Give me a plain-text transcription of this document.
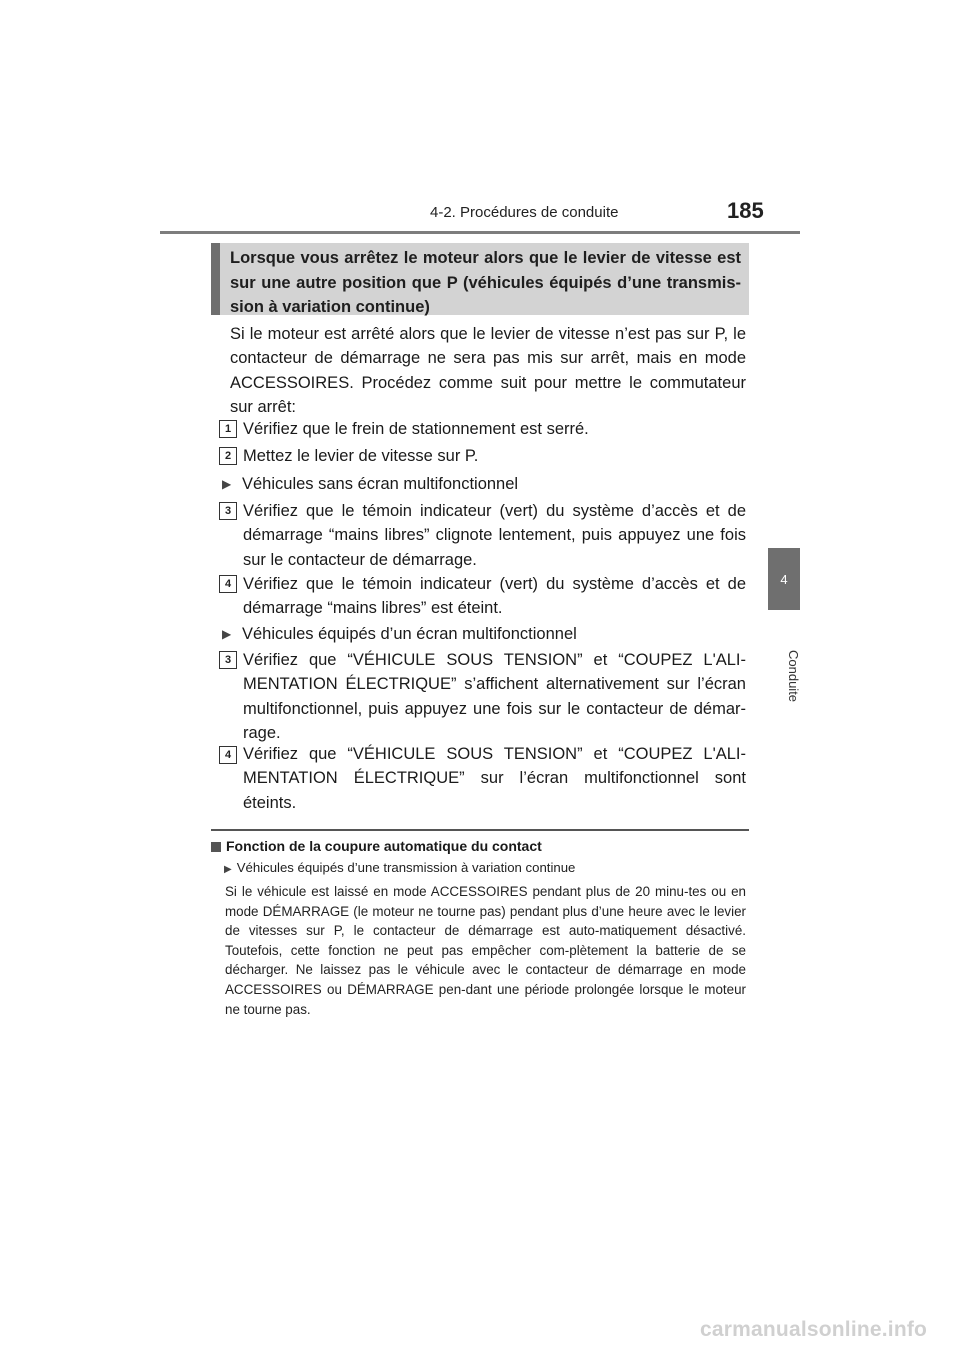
4-2. Procédures de conduite	185
4
Conduite
Lorsque vous arrêtez le moteur alors que le levier de vitesse est sur une autre position que P (véhicules équipés d’une transmis-sion à variation continue)
Si le moteur est arrêté alors que le levier de vitesse n’est pas sur P, le contacteur de démarrage ne sera pas mis sur arrêt, mais en mode ACCESSOIRES. Procédez comme suit pour mettre le commutateur sur arrêt:
1 Vérifiez que le frein de stationnement est serré.
2 Mettez le levier de vitesse sur P.
▶ Véhicules sans écran multifonctionnel
3 Vérifiez que le témoin indicateur (vert) du système d’accès et de démarrage “mains libres” clignote lentement, puis appuyez une fois sur le contacteur de démarrage.
4 Vérifiez que le témoin indicateur (vert) du système d’accès et de démarrage “mains libres” est éteint.
▶ Véhicules équipés d’un écran multifonctionnel
3 Vérifiez que “VÉHICULE SOUS TENSION” et “COUPEZ L'ALI-MENTATION ÉLECTRIQUE” s’affichent alternativement sur l’écran multifonctionnel, puis appuyez une fois sur le contacteur de démar-rage.
4 Vérifiez que “VÉHICULE SOUS TENSION” et “COUPEZ L'ALI-MENTATION ÉLECTRIQUE” sur l’écran multifonctionnel sont éteints.
Fonction de la coupure automatique du contact
▶ Véhicules équipés d’une transmission à variation continue
Si le véhicule est laissé en mode ACCESSOIRES pendant plus de 20 minu-tes ou en mode DÉMARRAGE (le moteur ne tourne pas) pendant plus d’une heure avec le levier de vitesses sur P, le contacteur de démarrage est auto-matiquement désactivé. Toutefois, cette fonction ne peut pas empêcher com-plètement la batterie de se décharger. Ne laissez pas le véhicule avec le contacteur de démarrage en mode ACCESSOIRES ou DÉMARRAGE pen-dant une période prolongée lorsque le moteur ne tourne pas.
carmanualsonline.info
